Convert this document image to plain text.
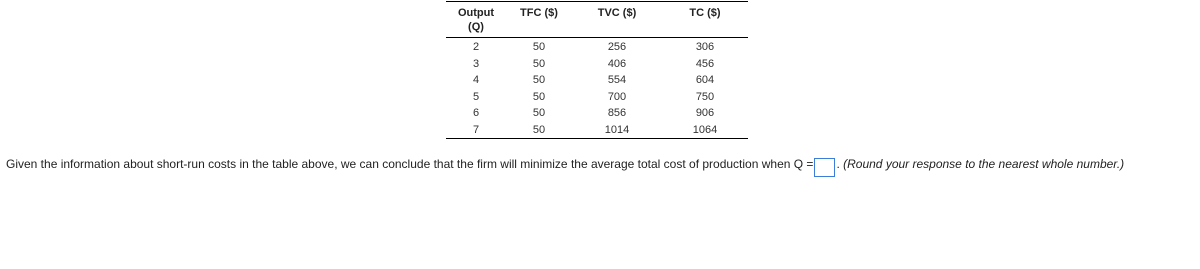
Output
(Q)	TFC ($)	TVC ($)	TC ($)
2	50	256	306
3	50	406	456
4	50	554	604
5	50	700	750
6	50	856	906
7	50	1014	1064
Given the information about short-run costs in the table above, we can conclude that the firm will minimize the average total cost of production when Q = . (Round your response to the nearest whole number.)
